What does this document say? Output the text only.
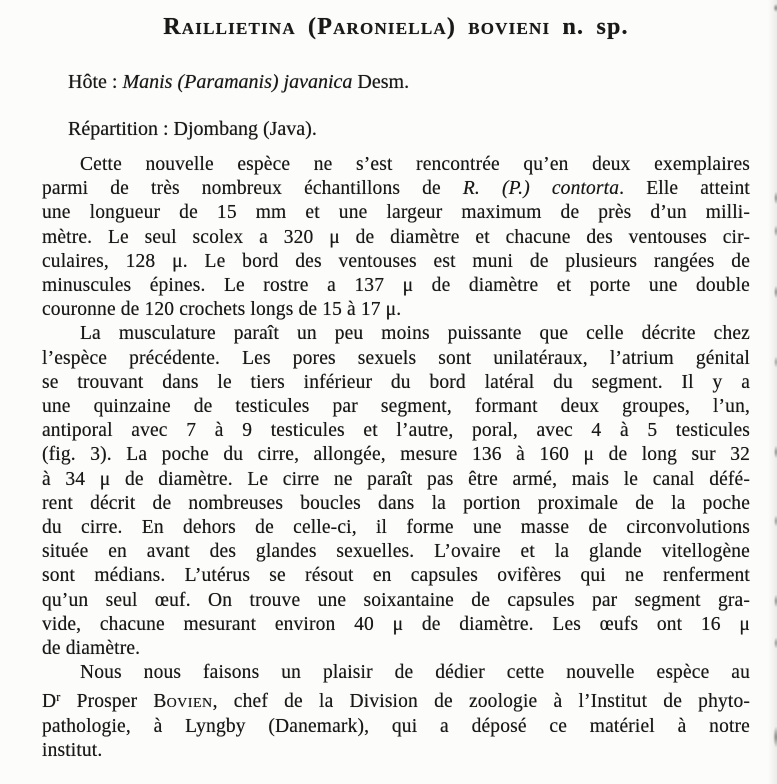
Raillietina (Paroniella) bovieni n. sp.

Hôte : Manis (Paramanis) javanica Desm.

Répartition : Djombang (Java).

Cette nouvelle espèce ne s’est rencontrée qu’en deux exemplaires
parmi de très nombreux échantillons de R. (P.) contorta. Elle atteint
une longueur de 15 mm et une largeur maximum de près d’un milli-
mètre. Le seul scolex a 320 μ de diamètre et chacune des ventouses cir-
culaires, 128 μ. Le bord des ventouses est muni de plusieurs rangées de
minuscules épines. Le rostre a 137 μ de diamètre et porte une double
couronne de 120 crochets longs de 15 à 17 μ.

La musculature paraît un peu moins puissante que celle décrite chez
l’espèce précédente. Les pores sexuels sont unilatéraux, l’atrium génital
se trouvant dans le tiers inférieur du bord latéral du segment. Il y a
une quinzaine de testicules par segment, formant deux groupes, l’un,
antiporal avec 7 à 9 testicules et l’autre, poral, avec 4 à 5 testicules
(fig. 3). La poche du cirre, allongée, mesure 136 à 160 μ de long sur 32
à 34 μ de diamètre. Le cirre ne paraît pas être armé, mais le canal défé-
rent décrit de nombreuses boucles dans la portion proximale de la poche
du cirre. En dehors de celle-ci, il forme une masse de circonvolutions
située en avant des glandes sexuelles. L’ovaire et la glande vitellogène
sont médians. L’utérus se résout en capsules ovifères qui ne renferment
qu’un seul œuf. On trouve une soixantaine de capsules par segment gra-
vide, chacune mesurant environ 40 μ de diamètre. Les œufs ont 16 μ
de diamètre.

Nous nous faisons un plaisir de dédier cette nouvelle espèce au
$D^r$ Prosper Bovien, chef de la Division de zoologie à l’Institut de phyto-
pathologie, à Lyngby (Danemark), qui a déposé ce matériel à notre
institut.
